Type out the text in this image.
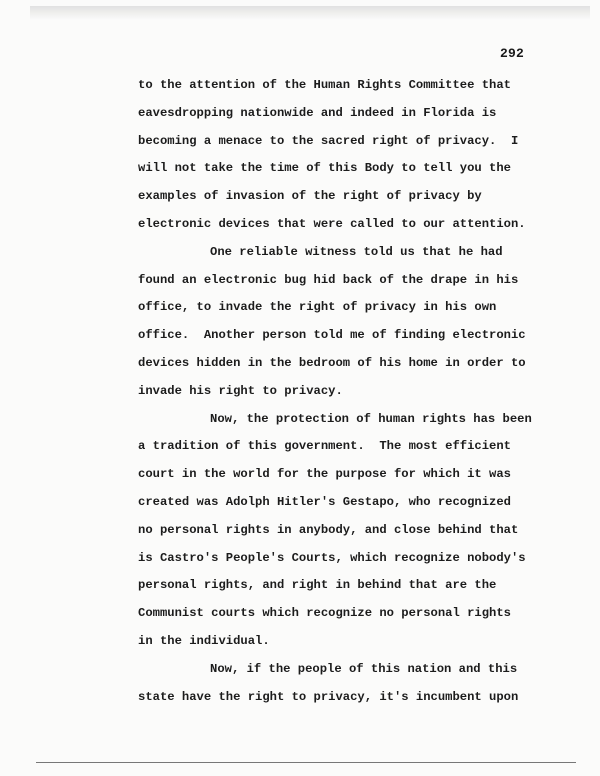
292
to the attention of the Human Rights Committee that
eavesdropping nationwide and indeed in Florida is
becoming a menace to the sacred right of privacy.  I
will not take the time of this Body to tell you the
examples of invasion of the right of privacy by
electronic devices that were called to our attention.
One reliable witness told us that he had
found an electronic bug hid back of the drape in his
office, to invade the right of privacy in his own
office.  Another person told me of finding electronic
devices hidden in the bedroom of his home in order to
invade his right to privacy.
Now, the protection of human rights has been
a tradition of this government.  The most efficient
court in the world for the purpose for which it was
created was Adolph Hitler's Gestapo, who recognized
no personal rights in anybody, and close behind that
is Castro's People's Courts, which recognize nobody's
personal rights, and right in behind that are the
Communist courts which recognize no personal rights
in the individual.
Now, if the people of this nation and this
state have the right to privacy, it's incumbent upon
